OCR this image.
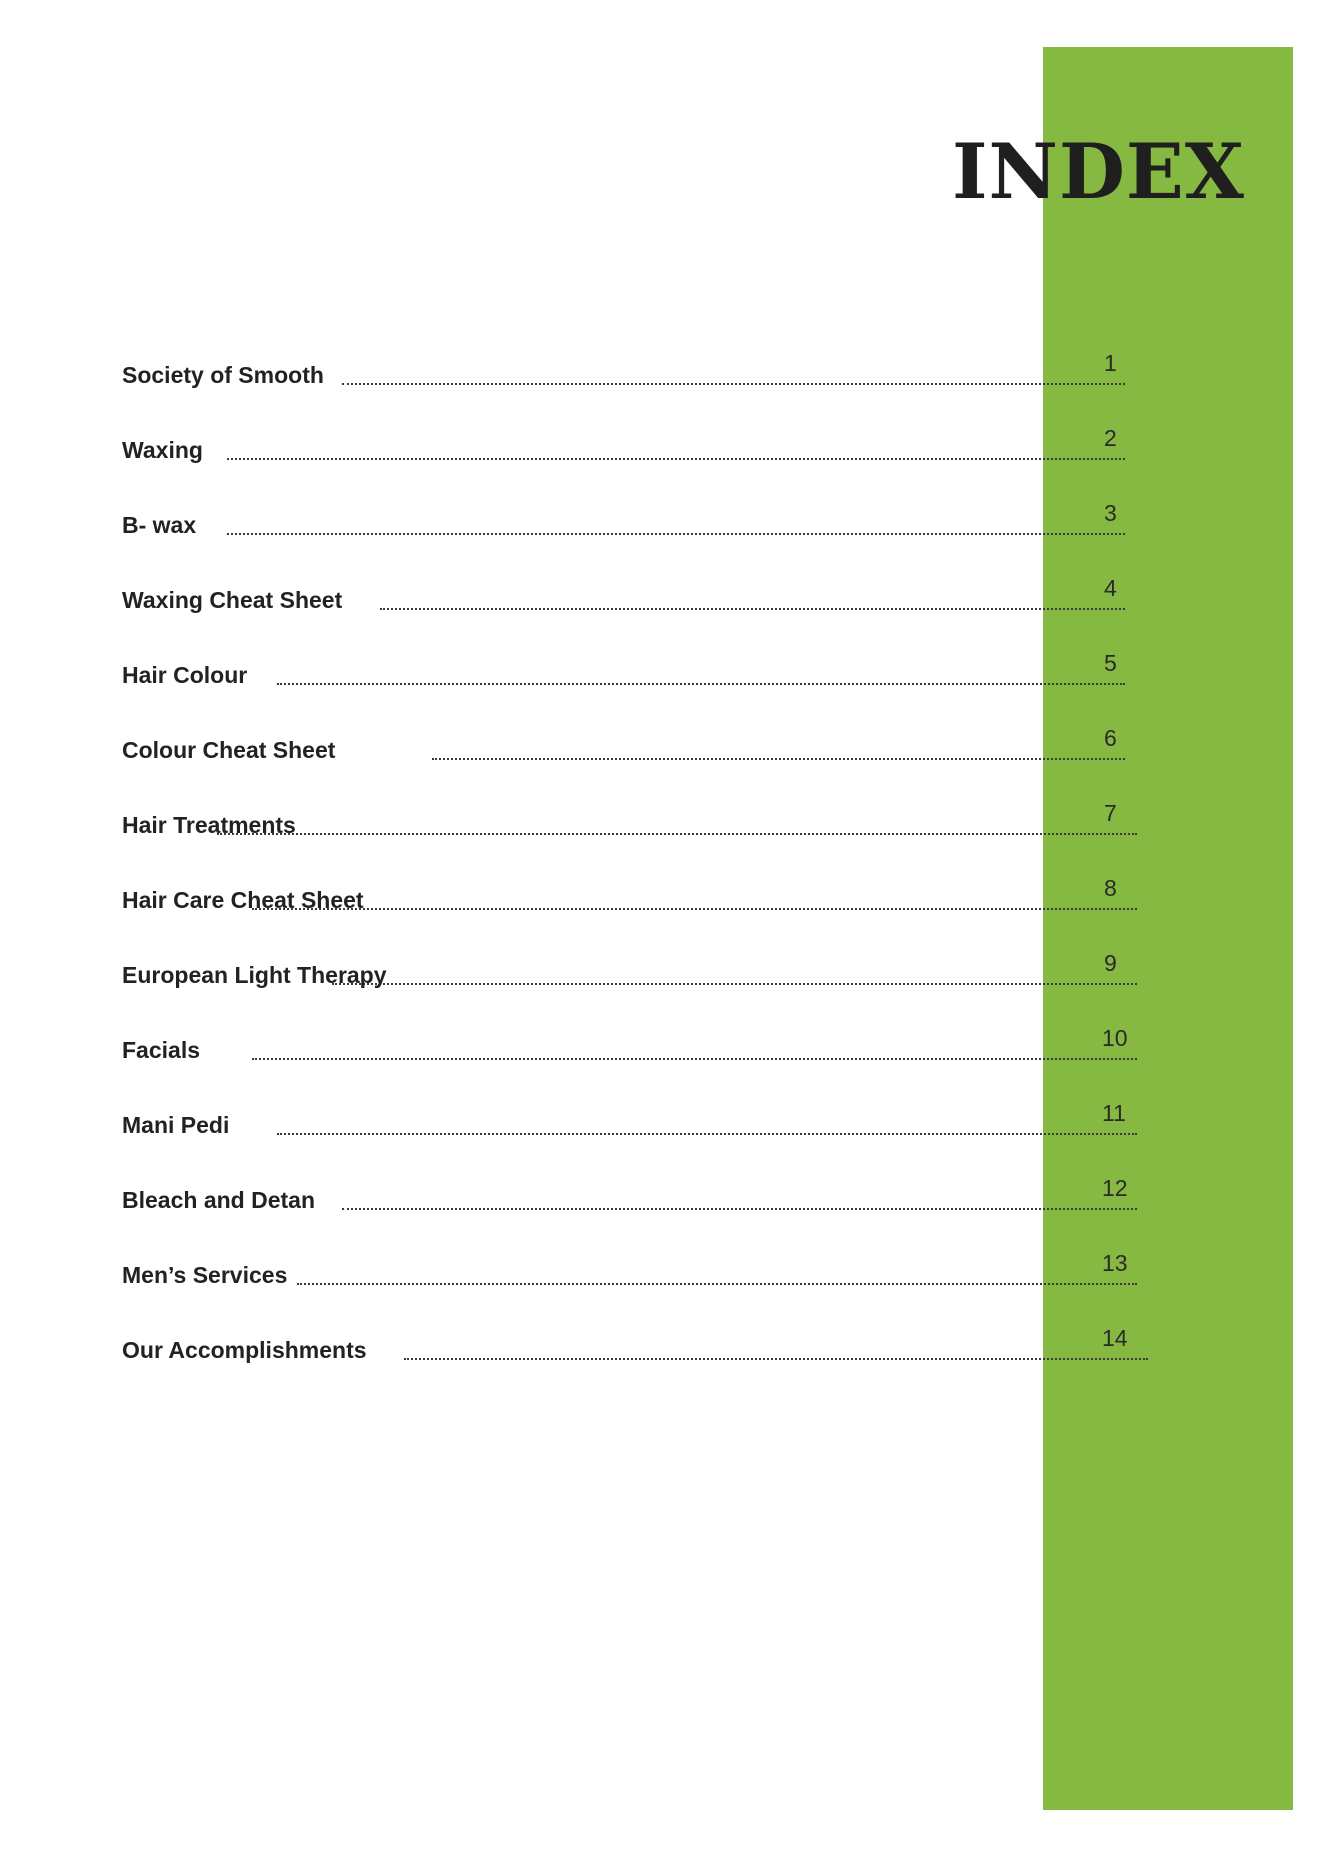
INDEX
Society of Smooth	1
Waxing	2
B- wax	3
Waxing Cheat Sheet	4
Hair Colour	5
Colour Cheat Sheet	6
Hair Treatments	7
Hair Care Cheat Sheet	8
European Light Therapy	9
Facials	10
Mani Pedi	11
Bleach and Detan	12
Men’s Services	13
Our Accomplishments	14
